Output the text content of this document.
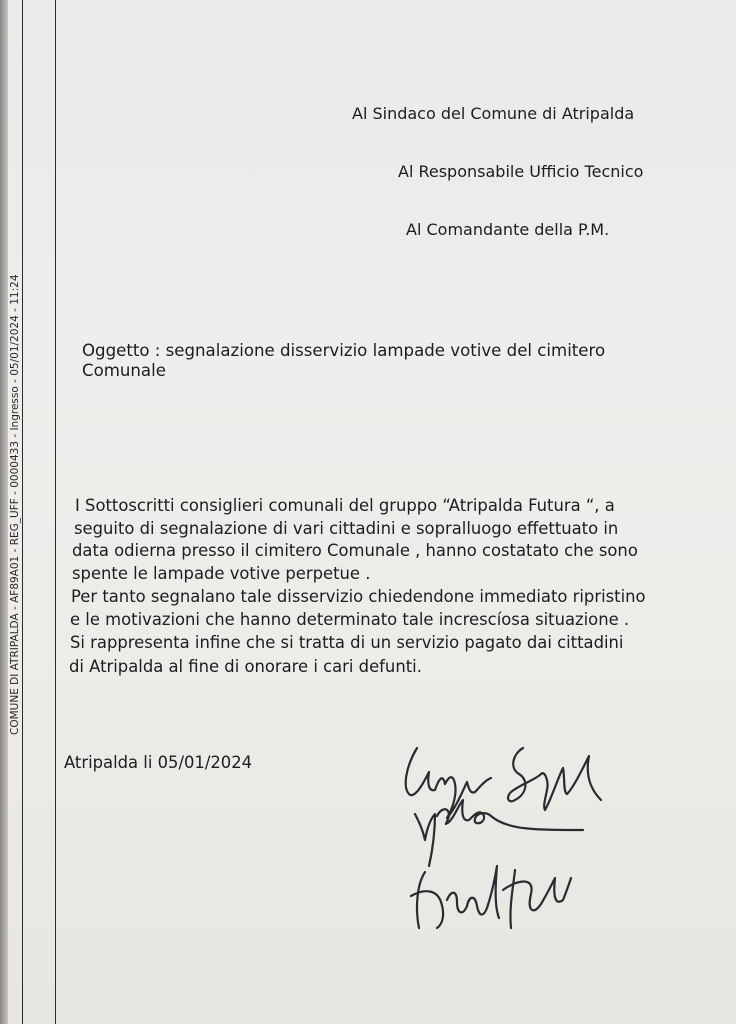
COMUNE DI ATRIPALDA - AF89A01 - REG_UFF - 0000433 - Ingresso - 05/01/2024 - 11:24
Al Sindaco del Comune di Atripalda
Al Responsabile Ufficio Tecnico
Al Comandante della P.M.
Oggetto : segnalazione disservizio lampade votive del cimitero
Comunale
I Sottoscritti consiglieri comunali del gruppo “Atripalda Futura “, a
seguito di segnalazione di vari cittadini e sopralluogo effettuato in
data odierna presso il cimitero Comunale , hanno costatato che sono
spente le lampade votive perpetue .
Per tanto segnalano tale disservizio chiedendone immediato ripristino
e le motivazioni che hanno determinato tale increscíosa situazione .
Si rappresenta infine che si tratta di un servizio pagato dai cittadini
di Atripalda al fine di onorare i cari defunti.
Atripalda li 05/01/2024
